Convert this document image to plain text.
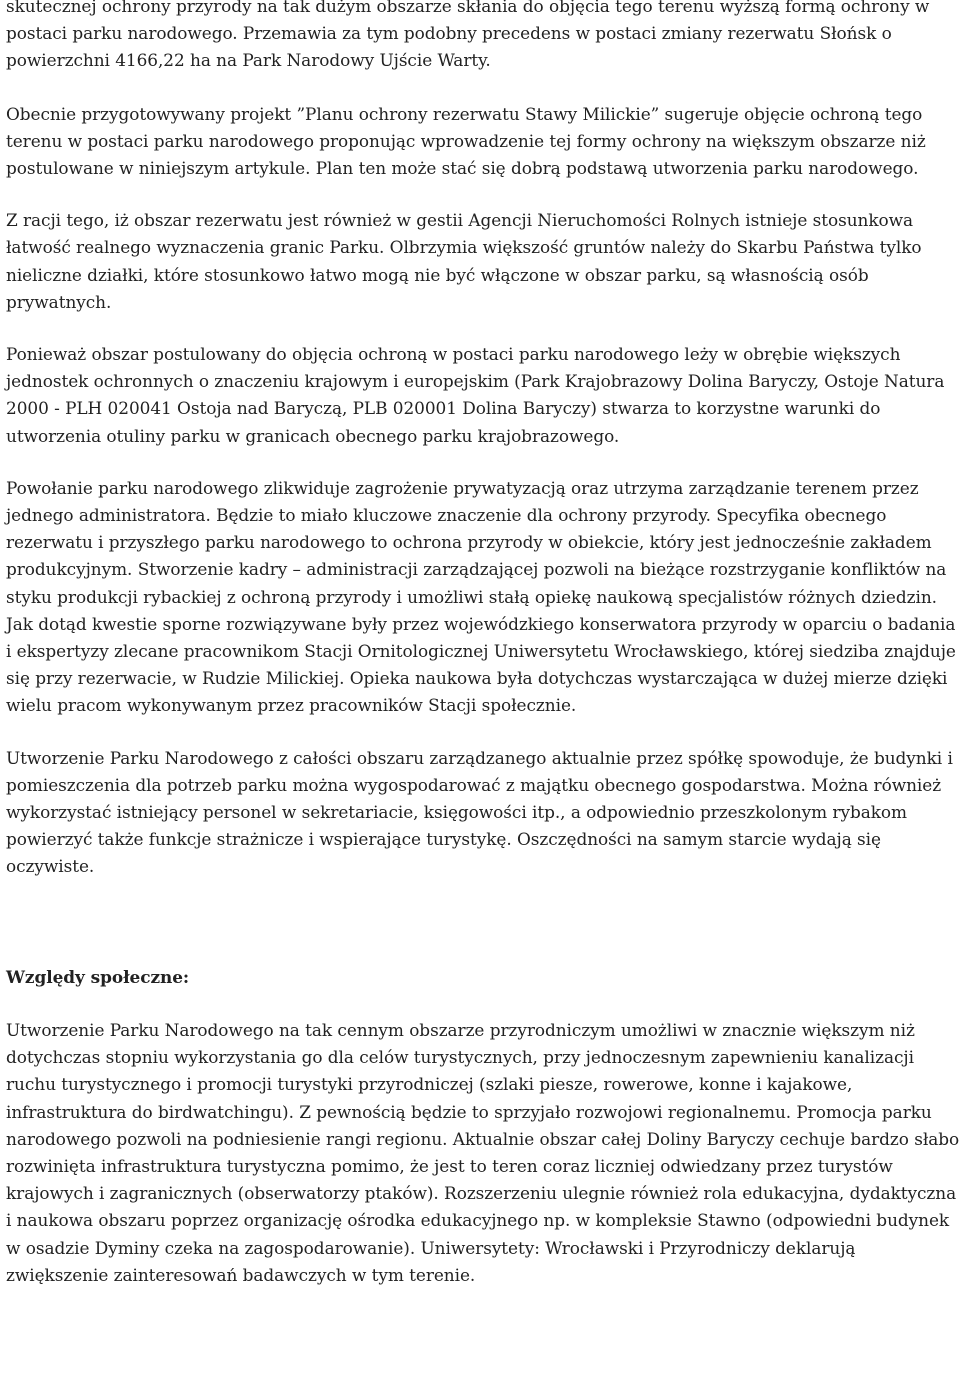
skutecznej ochrony przyrody na tak dużym obszarze skłania do objęcia tego terenu wyższą formą ochrony w postaci parku narodowego. Przemawia za tym podobny precedens w postaci zmiany rezerwatu Słońsk o powierzchni 4166,22 ha na Park Narodowy Ujście Warty.

Obecnie przygotowywany projekt ”Planu ochrony rezerwatu Stawy Milickie” sugeruje objęcie ochroną tego terenu w postaci parku narodowego proponując wprowadzenie tej formy ochrony na większym obszarze niż postulowane w niniejszym artykule. Plan ten może stać się dobrą podstawą utworzenia parku narodowego.

Z racji tego, iż obszar rezerwatu jest również w gestii Agencji Nieruchomości Rolnych istnieje stosunkowa łatwość realnego wyznaczenia granic Parku. Olbrzymia większość gruntów należy do Skarbu Państwa tylko nieliczne działki, które stosunkowo łatwo mogą nie być włączone w obszar parku, są własnością osób prywatnych.

Ponieważ obszar postulowany do objęcia ochroną w postaci parku narodowego leży w obrębie większych jednostek ochronnych o znaczeniu krajowym i europejskim (Park Krajobrazowy Dolina Baryczy, Ostoje Natura 2000 - PLH 020041 Ostoja nad Baryczą, PLB 020001 Dolina Baryczy) stwarza to korzystne warunki do utworzenia otuliny parku w granicach obecnego parku krajobrazowego.

Powołanie parku narodowego zlikwiduje zagrożenie prywatyzacją oraz utrzyma zarządzanie terenem przez jednego administratora. Będzie to miało kluczowe znaczenie dla ochrony przyrody. Specyfika obecnego rezerwatu i przyszłego parku narodowego to ochrona przyrody w obiekcie, który jest jednocześnie zakładem produkcyjnym. Stworzenie kadry – administracji zarządzającej pozwoli na bieżące rozstrzyganie konfliktów na styku produkcji rybackiej z ochroną przyrody i umożliwi stałą opiekę naukową specjalistów różnych dziedzin. Jak dotąd kwestie sporne rozwiązywane były przez wojewódzkiego konserwatora przyrody w oparciu o badania i ekspertyzy zlecane pracownikom Stacji Ornitologicznej Uniwersytetu Wrocławskiego, której siedziba znajduje się przy rezerwacie, w Rudzie Milickiej. Opieka naukowa była dotychczas wystarczająca w dużej mierze dzięki wielu pracom wykonywanym przez pracowników Stacji społecznie.

Utworzenie Parku Narodowego z całości obszaru zarządzanego aktualnie przez spółkę spowoduje, że budynki i pomieszczenia dla potrzeb parku można wygospodarować z majątku obecnego gospodarstwa. Można również wykorzystać istniejący personel w sekretariacie, księgowości itp., a odpowiednio przeszkolonym rybakom powierzyć także funkcje strażnicze i wspierające turystykę. Oszczędności na samym starcie wydają się oczywiste.

Względy społeczne:

Utworzenie Parku Narodowego na tak cennym obszarze przyrodniczym umożliwi w znacznie większym niż dotychczas stopniu wykorzystania go dla celów turystycznych, przy jednoczesnym zapewnieniu kanalizacji ruchu turystycznego i promocji turystyki przyrodniczej (szlaki piesze, rowerowe, konne i kajakowe, infrastruktura do birdwatchingu). Z pewnością będzie to sprzyjało rozwojowi regionalnemu. Promocja parku narodowego pozwoli na podniesienie rangi regionu. Aktualnie obszar całej Doliny Baryczy cechuje bardzo słabo rozwinięta infrastruktura turystyczna pomimo, że jest to teren coraz liczniej odwiedzany przez turystów krajowych i zagranicznych (obserwatorzy ptaków). Rozszerzeniu ulegnie również rola edukacyjna, dydaktyczna i naukowa obszaru poprzez organizację ośrodka edukacyjnego np. w kompleksie Stawno (odpowiedni budynek w osadzie Dyminy czeka na zagospodarowanie). Uniwersytety: Wrocławski i Przyrodniczy deklarują zwiększenie zainteresowań badawczych w tym terenie.
